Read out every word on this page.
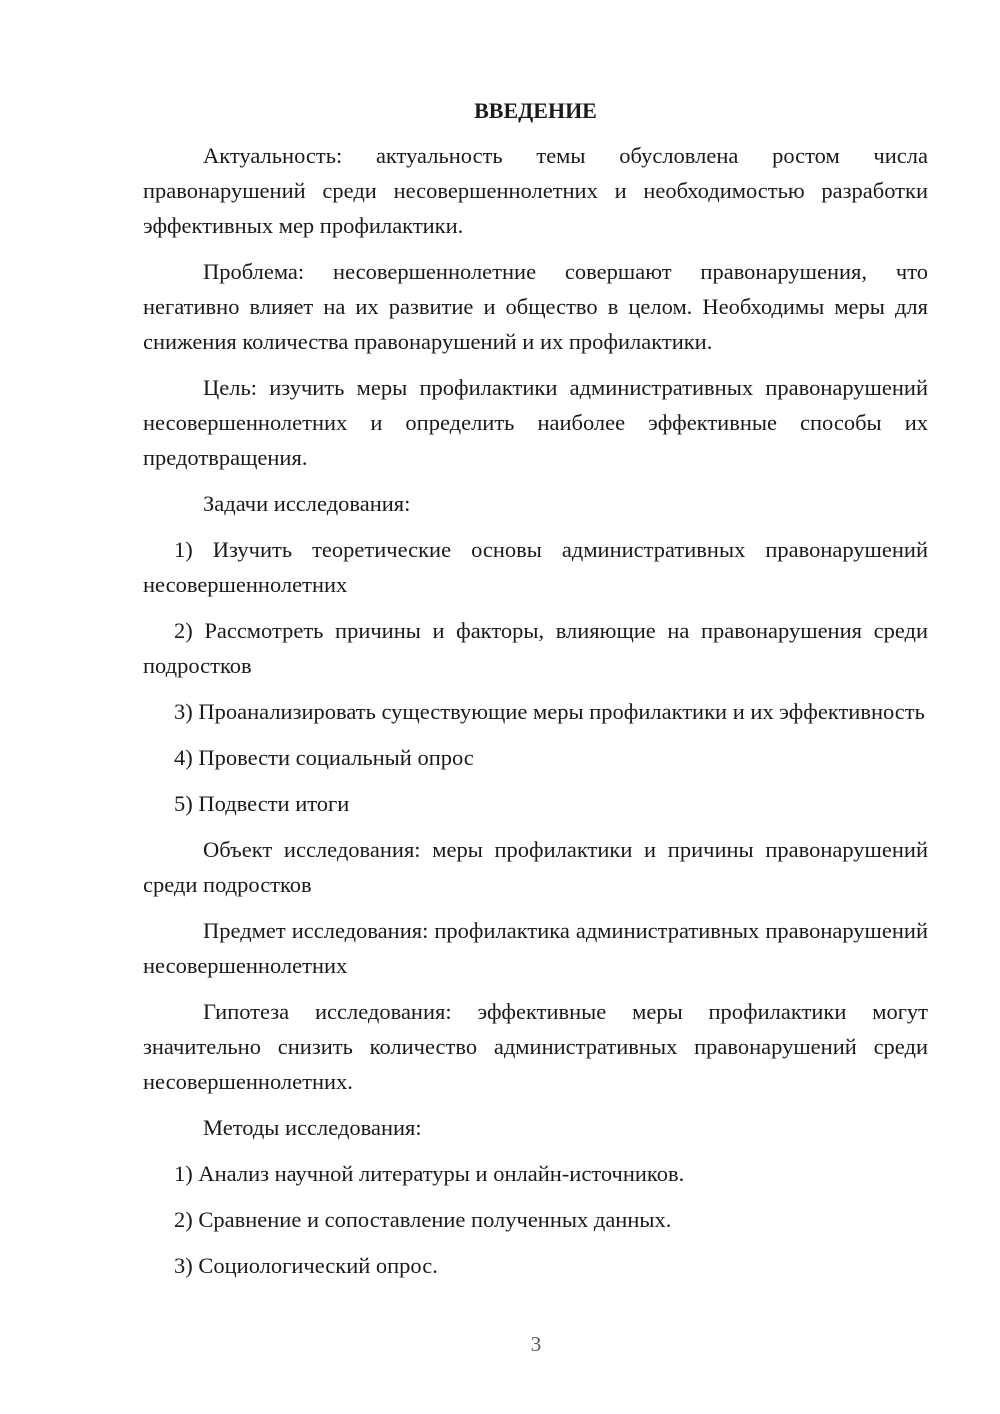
ВВЕДЕНИЕ

Актуальность: актуальность темы обусловлена ростом числа правонарушений среди несовершеннолетних и необходимостью разработки эффективных мер профилактики.

Проблема: несовершеннолетние совершают правонарушения, что негативно влияет на их развитие и общество в целом. Необходимы меры для снижения количества правонарушений и их профилактики.

Цель: изучить меры профилактики административных правонарушений несовершеннолетних и определить наиболее эффективные способы их предотвращения.

Задачи исследования:

1) Изучить теоретические основы административных правонарушений несовершеннолетних

2) Рассмотреть причины и факторы, влияющие на правонарушения среди подростков

3) Проанализировать существующие меры профилактики и их эффективность

4) Провести социальный опрос

5) Подвести итоги

Объект исследования: меры профилактики и причины правонарушений среди подростков

Предмет исследования: профилактика административных правонарушений несовершеннолетних

Гипотеза исследования: эффективные меры профилактики могут значительно снизить количество административных правонарушений среди несовершеннолетних.

Методы исследования:

1) Анализ научной литературы и онлайн-источников.

2) Сравнение и сопоставление полученных данных.

3) Социологический опрос.

3
